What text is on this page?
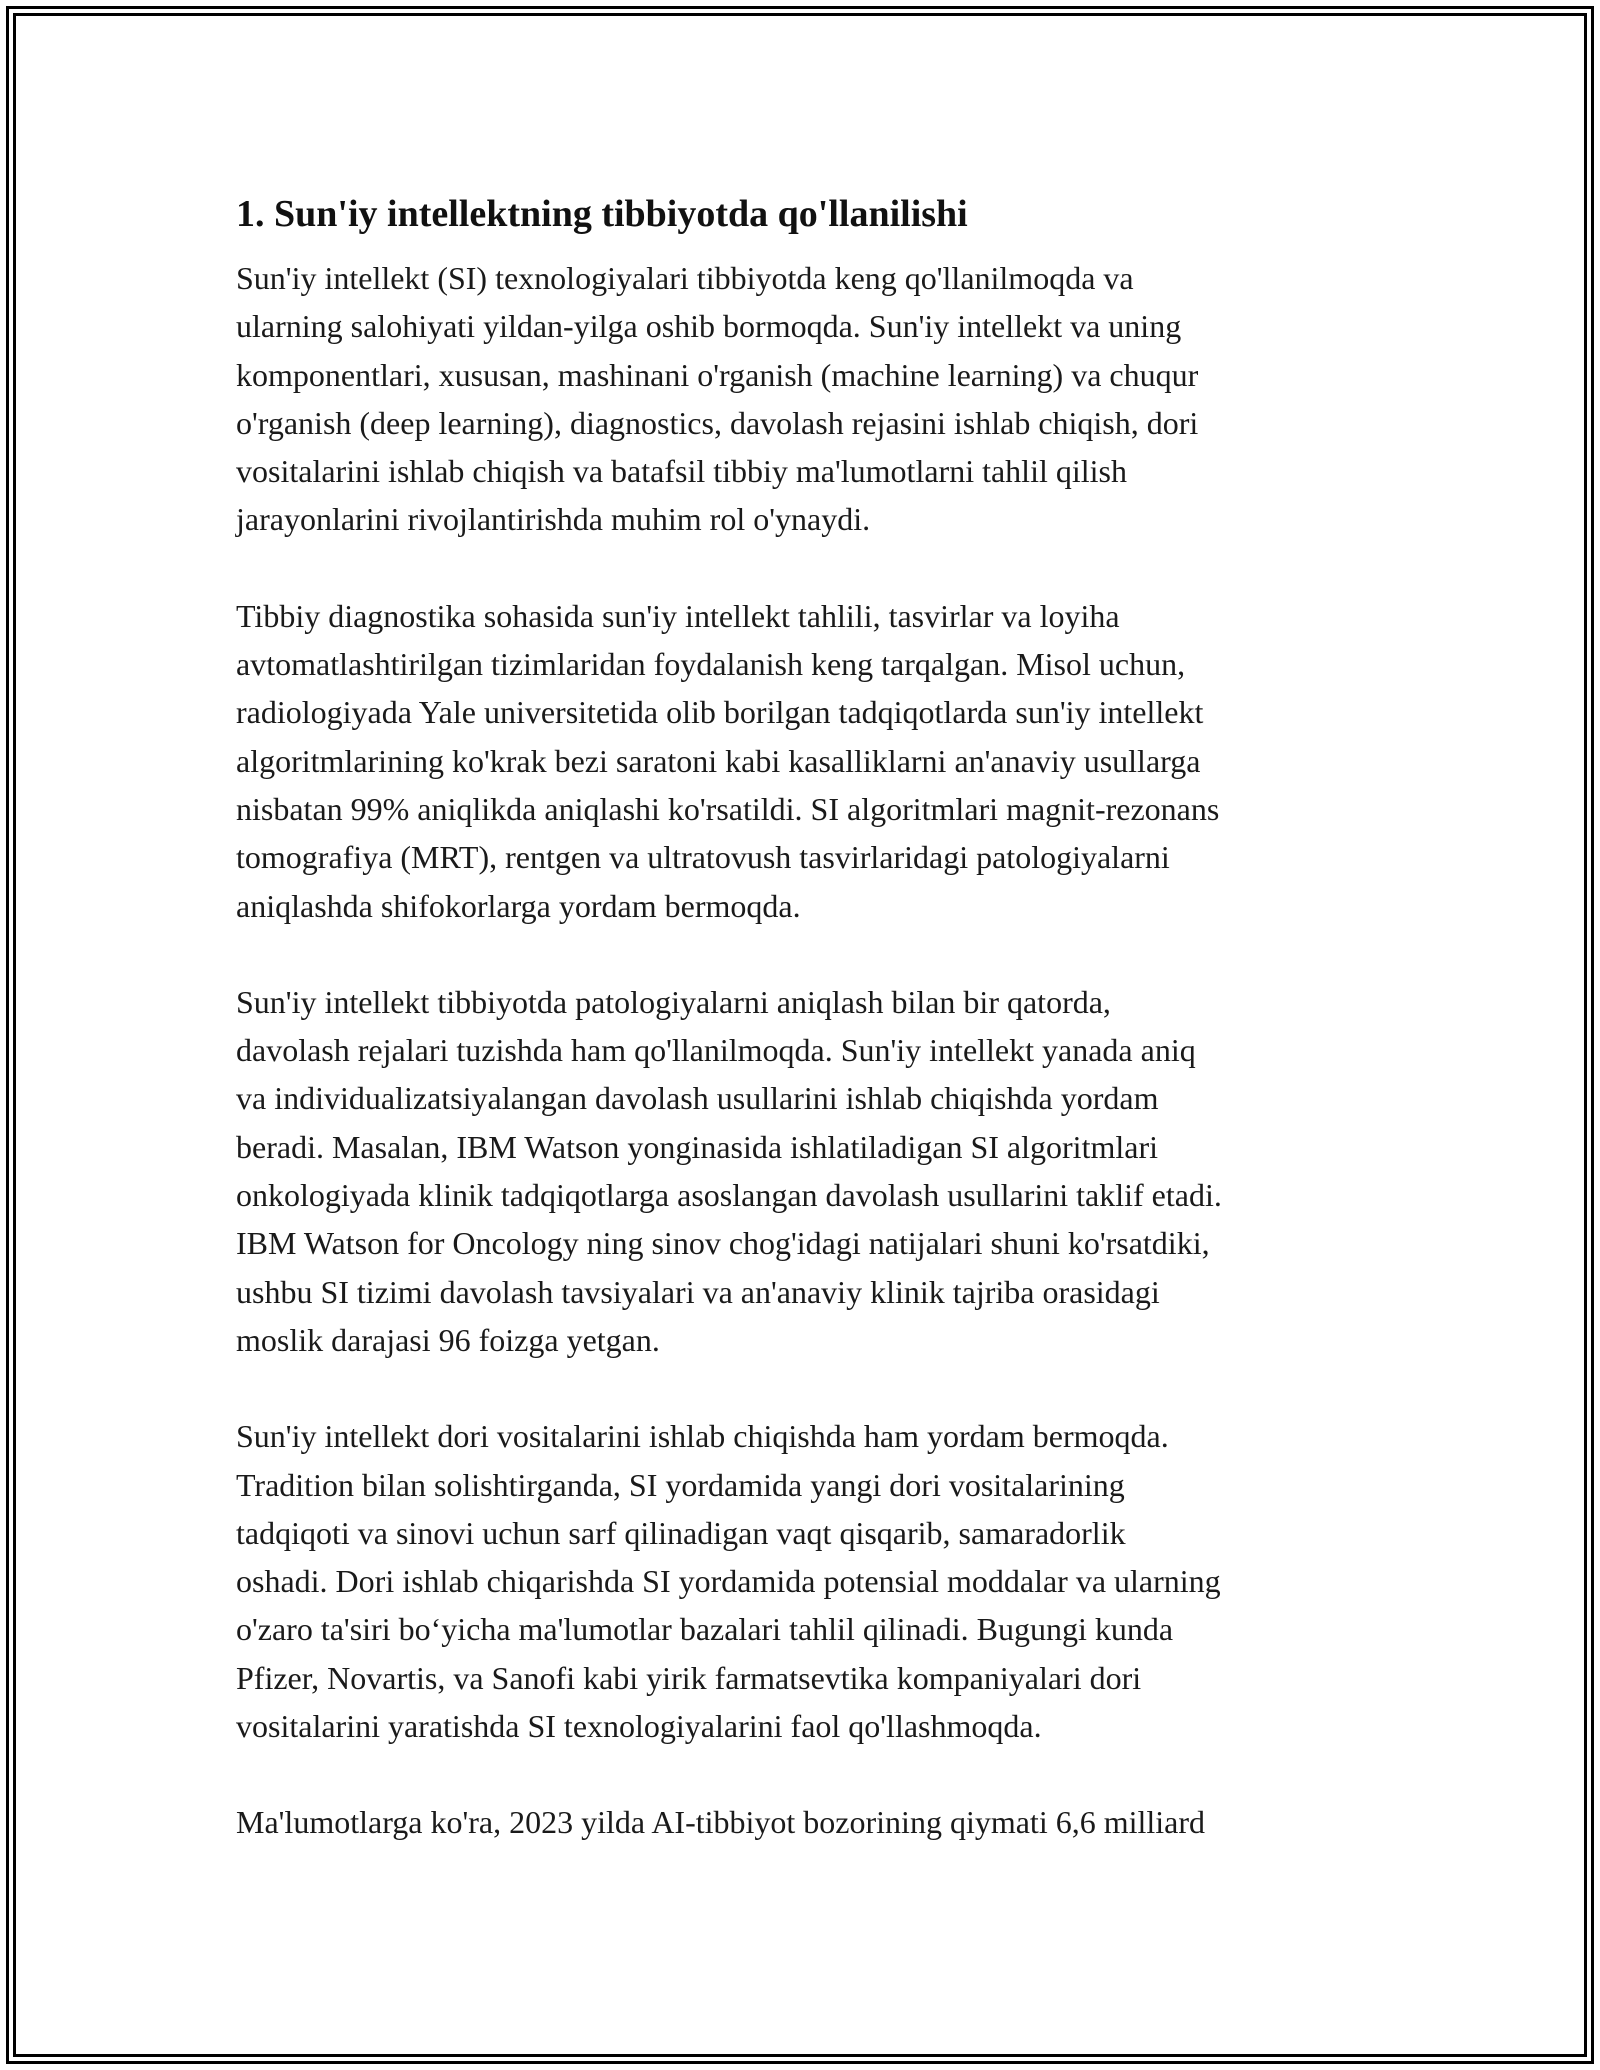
1. Sun'iy intellektning tibbiyotda qo'llanilishi
Sun'iy intellekt (SI) texnologiyalari tibbiyotda keng qo'llanilmoqda va
ularning salohiyati yildan-yilga oshib bormoqda. Sun'iy intellekt va uning
komponentlari, xususan, mashinani o'rganish (machine learning) va chuqur
o'rganish (deep learning), diagnostics, davolash rejasini ishlab chiqish, dori
vositalarini ishlab chiqish va batafsil tibbiy ma'lumotlarni tahlil qilish
jarayonlarini rivojlantirishda muhim rol o'ynaydi.
Tibbiy diagnostika sohasida sun'iy intellekt tahlili, tasvirlar va loyiha
avtomatlashtirilgan tizimlaridan foydalanish keng tarqalgan. Misol uchun,
radiologiyada Yale universitetida olib borilgan tadqiqotlarda sun'iy intellekt
algoritmlarining ko'krak bezi saratoni kabi kasalliklarni an'anaviy usullarga
nisbatan 99% aniqlikda aniqlashi ko'rsatildi. SI algoritmlari magnit-rezonans
tomografiya (MRT), rentgen va ultratovush tasvirlaridagi patologiyalarni
aniqlashda shifokorlarga yordam bermoqda.
Sun'iy intellekt tibbiyotda patologiyalarni aniqlash bilan bir qatorda,
davolash rejalari tuzishda ham qo'llanilmoqda. Sun'iy intellekt yanada aniq
va individualizatsiyalangan davolash usullarini ishlab chiqishda yordam
beradi. Masalan, IBM Watson yonginasida ishlatiladigan SI algoritmlari
onkologiyada klinik tadqiqotlarga asoslangan davolash usullarini taklif etadi.
IBM Watson for Oncology ning sinov chog'idagi natijalari shuni ko'rsatdiki,
ushbu SI tizimi davolash tavsiyalari va an'anaviy klinik tajriba orasidagi
moslik darajasi 96 foizga yetgan.
Sun'iy intellekt dori vositalarini ishlab chiqishda ham yordam bermoqda.
Tradition bilan solishtirganda, SI yordamida yangi dori vositalarining
tadqiqoti va sinovi uchun sarf qilinadigan vaqt qisqarib, samaradorlik
oshadi. Dori ishlab chiqarishda SI yordamida potensial moddalar va ularning
o'zaro ta'siri bo‘yicha ma'lumotlar bazalari tahlil qilinadi. Bugungi kunda
Pfizer, Novartis, va Sanofi kabi yirik farmatsevtika kompaniyalari dori
vositalarini yaratishda SI texnologiyalarini faol qo'llashmoqda.
Ma'lumotlarga ko'ra, 2023 yilda AI-tibbiyot bozorining qiymati 6,6 milliard
